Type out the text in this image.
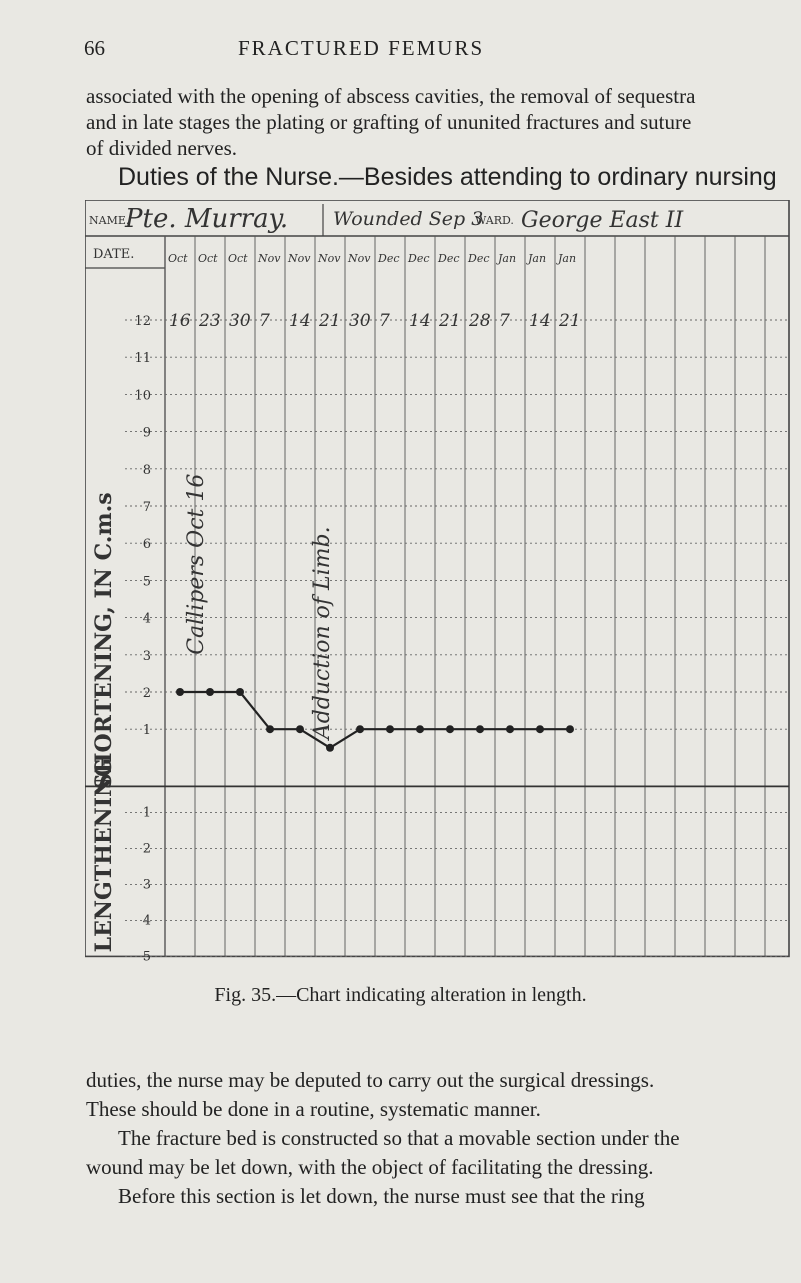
66	FRACTURED FEMURS
associated with the opening of abscess cavities, the removal of sequestra
and in late stages the plating or grafting of ununited fractures and suture
of divided nerves.
Duties of the Nurse.—Besides attending to ordinary nursing
NAME.
Pte. Murray. Wounded Sep 3
WARD. George East II
DATE.	Oct Oct Oct Nov Nov Nov Nov Dec Dec Dec Dec Jan Jan Jan
16 23 30 7 14 21 30 7 14 21 28 7 14 21
12
11
10
9
8
7
6
5
4
3
2
1
1
2
3
4
5
SHORTENING, IN C.m.s
LENGTHENING
Callipers Oct 16	Adduction of Limb.
Fig. 35.—Chart indicating alteration in length.
duties, the nurse may be deputed to carry out the surgical dressings.
These should be done in a routine, systematic manner.
The fracture bed is constructed so that a movable section under the
wound may be let down, with the object of facilitating the dressing.
Before this section is let down, the nurse must see that the ring
